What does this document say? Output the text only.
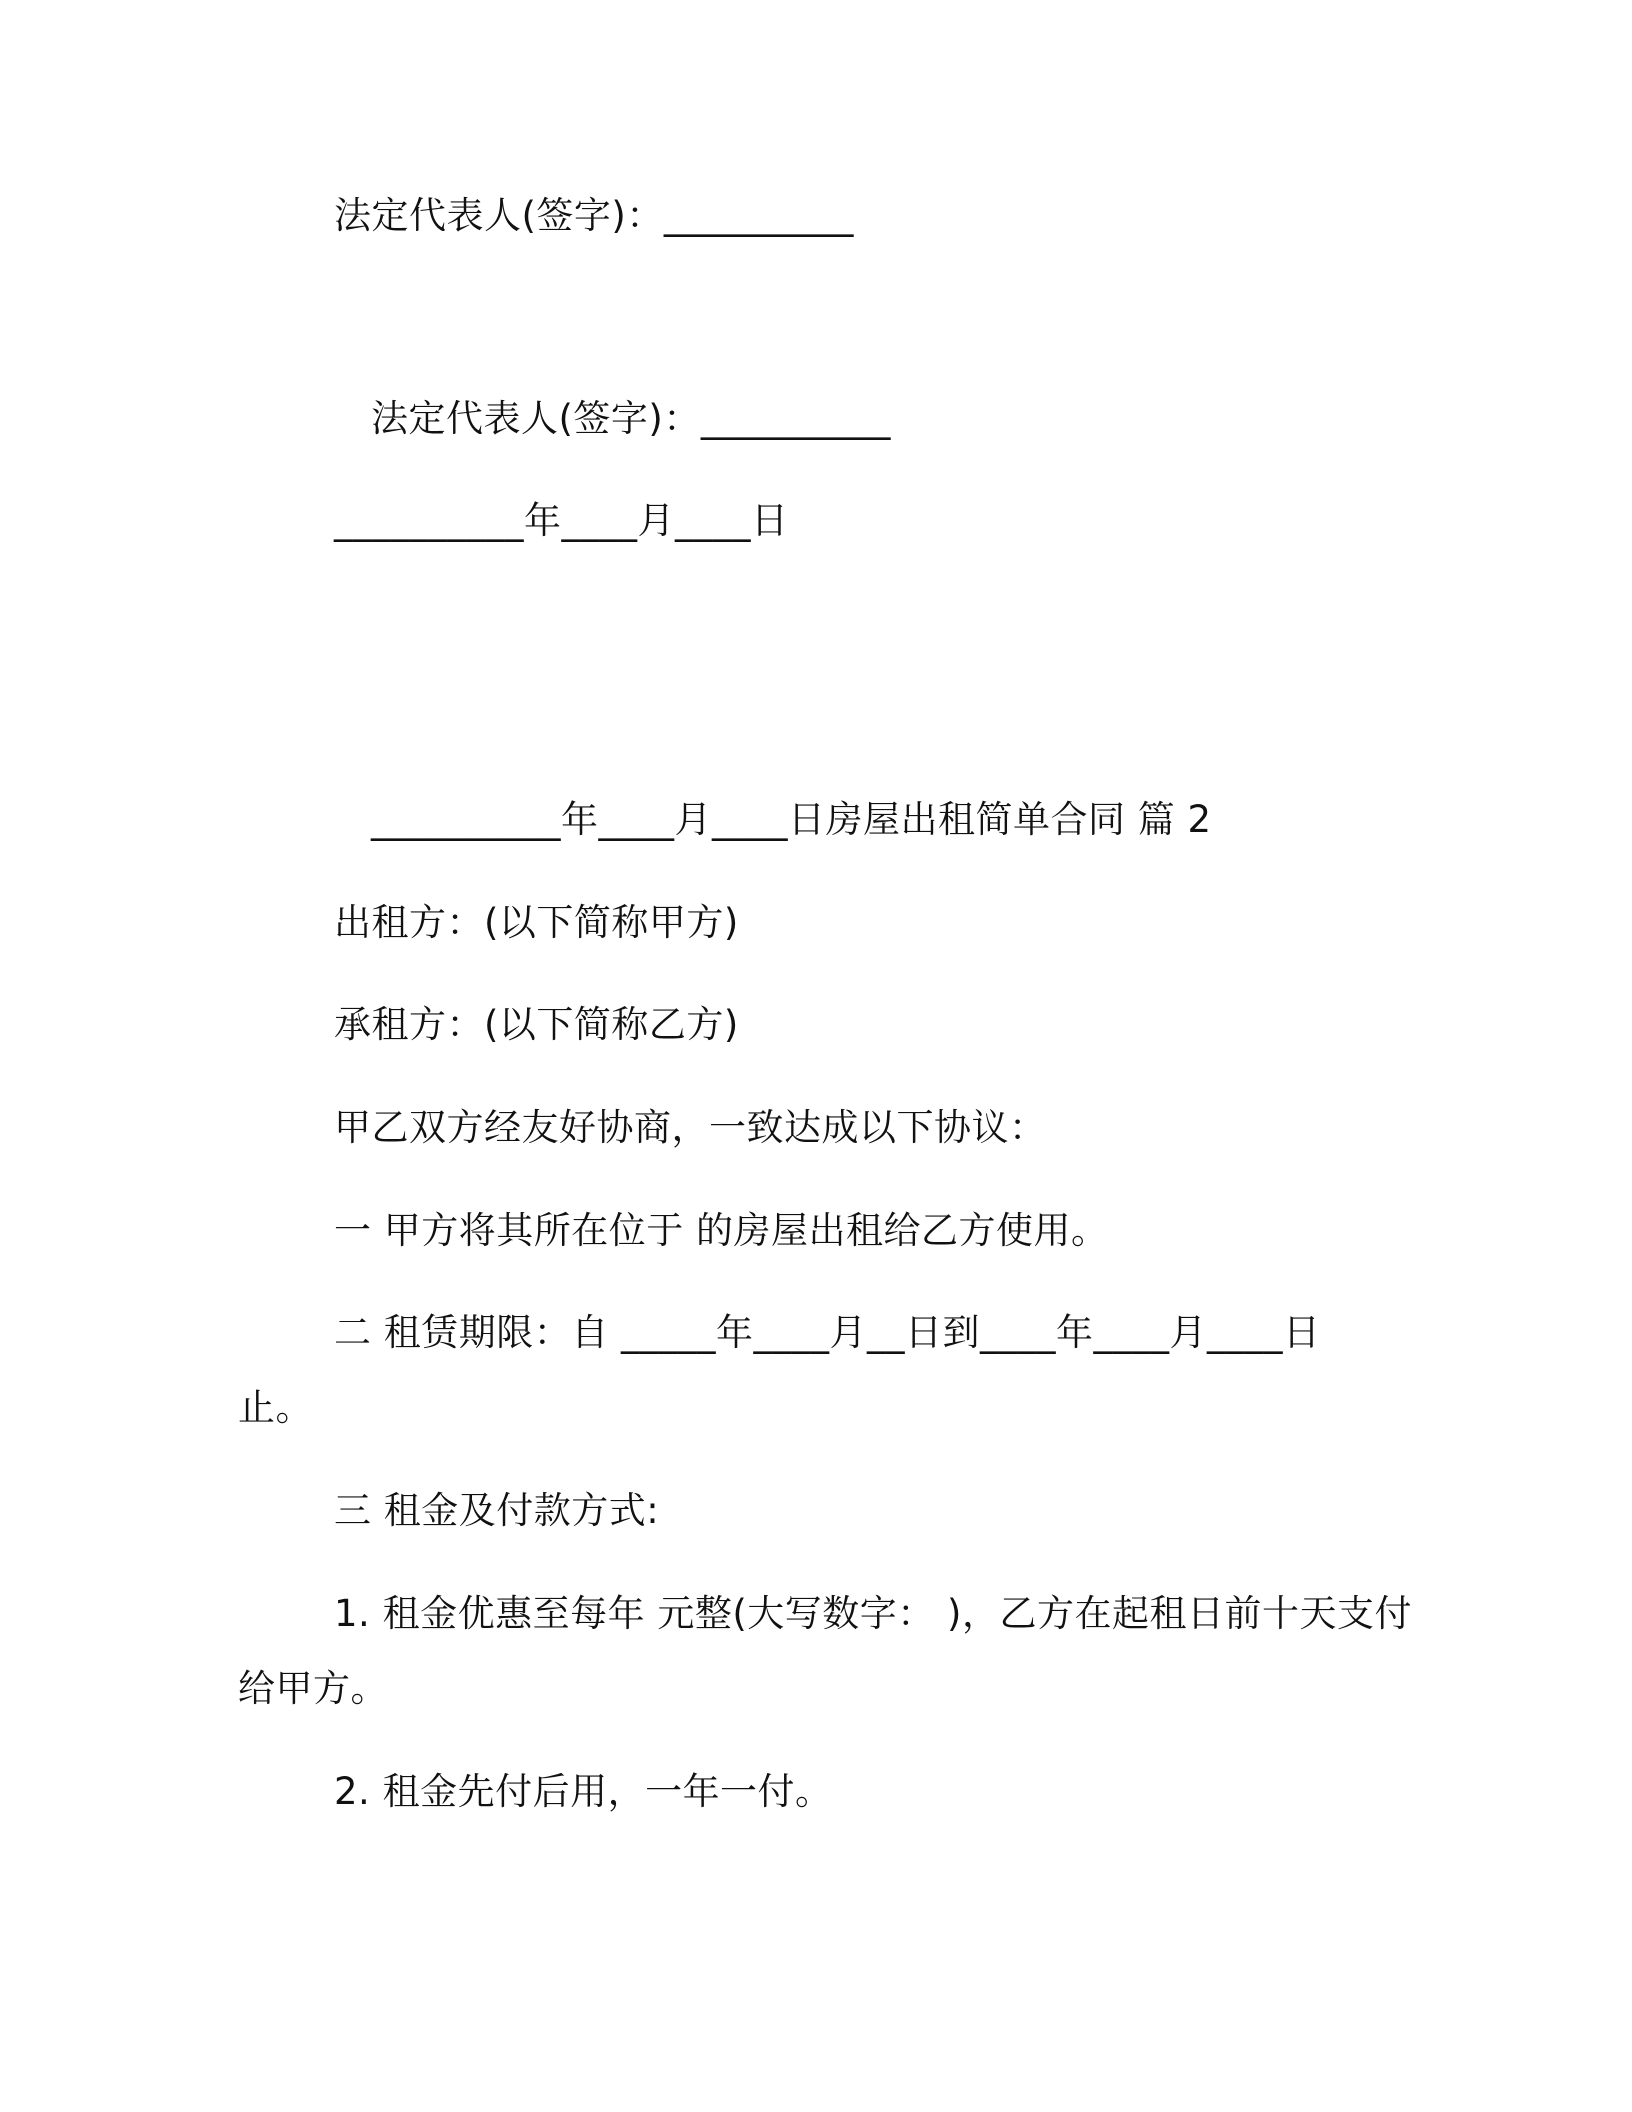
法定代表人(签字)：__________
法定代表人(签字)：__________
__________年____月____日
__________年____月____日房屋出租简单合同 篇 2
出租方：(以下简称甲方)
承租方：(以下简称乙方)
甲乙双方经友好协商，一致达成以下协议：
一 甲方将其所在位于 的房屋出租给乙方使用。
二 租赁期限：自 _____年____月__日到____年____月____日
止。
三 租金及付款方式:
1. 租金优惠至每年 元整(大写数字： )，乙方在起租日前十天支付
给甲方。
2. 租金先付后用，一年一付。
